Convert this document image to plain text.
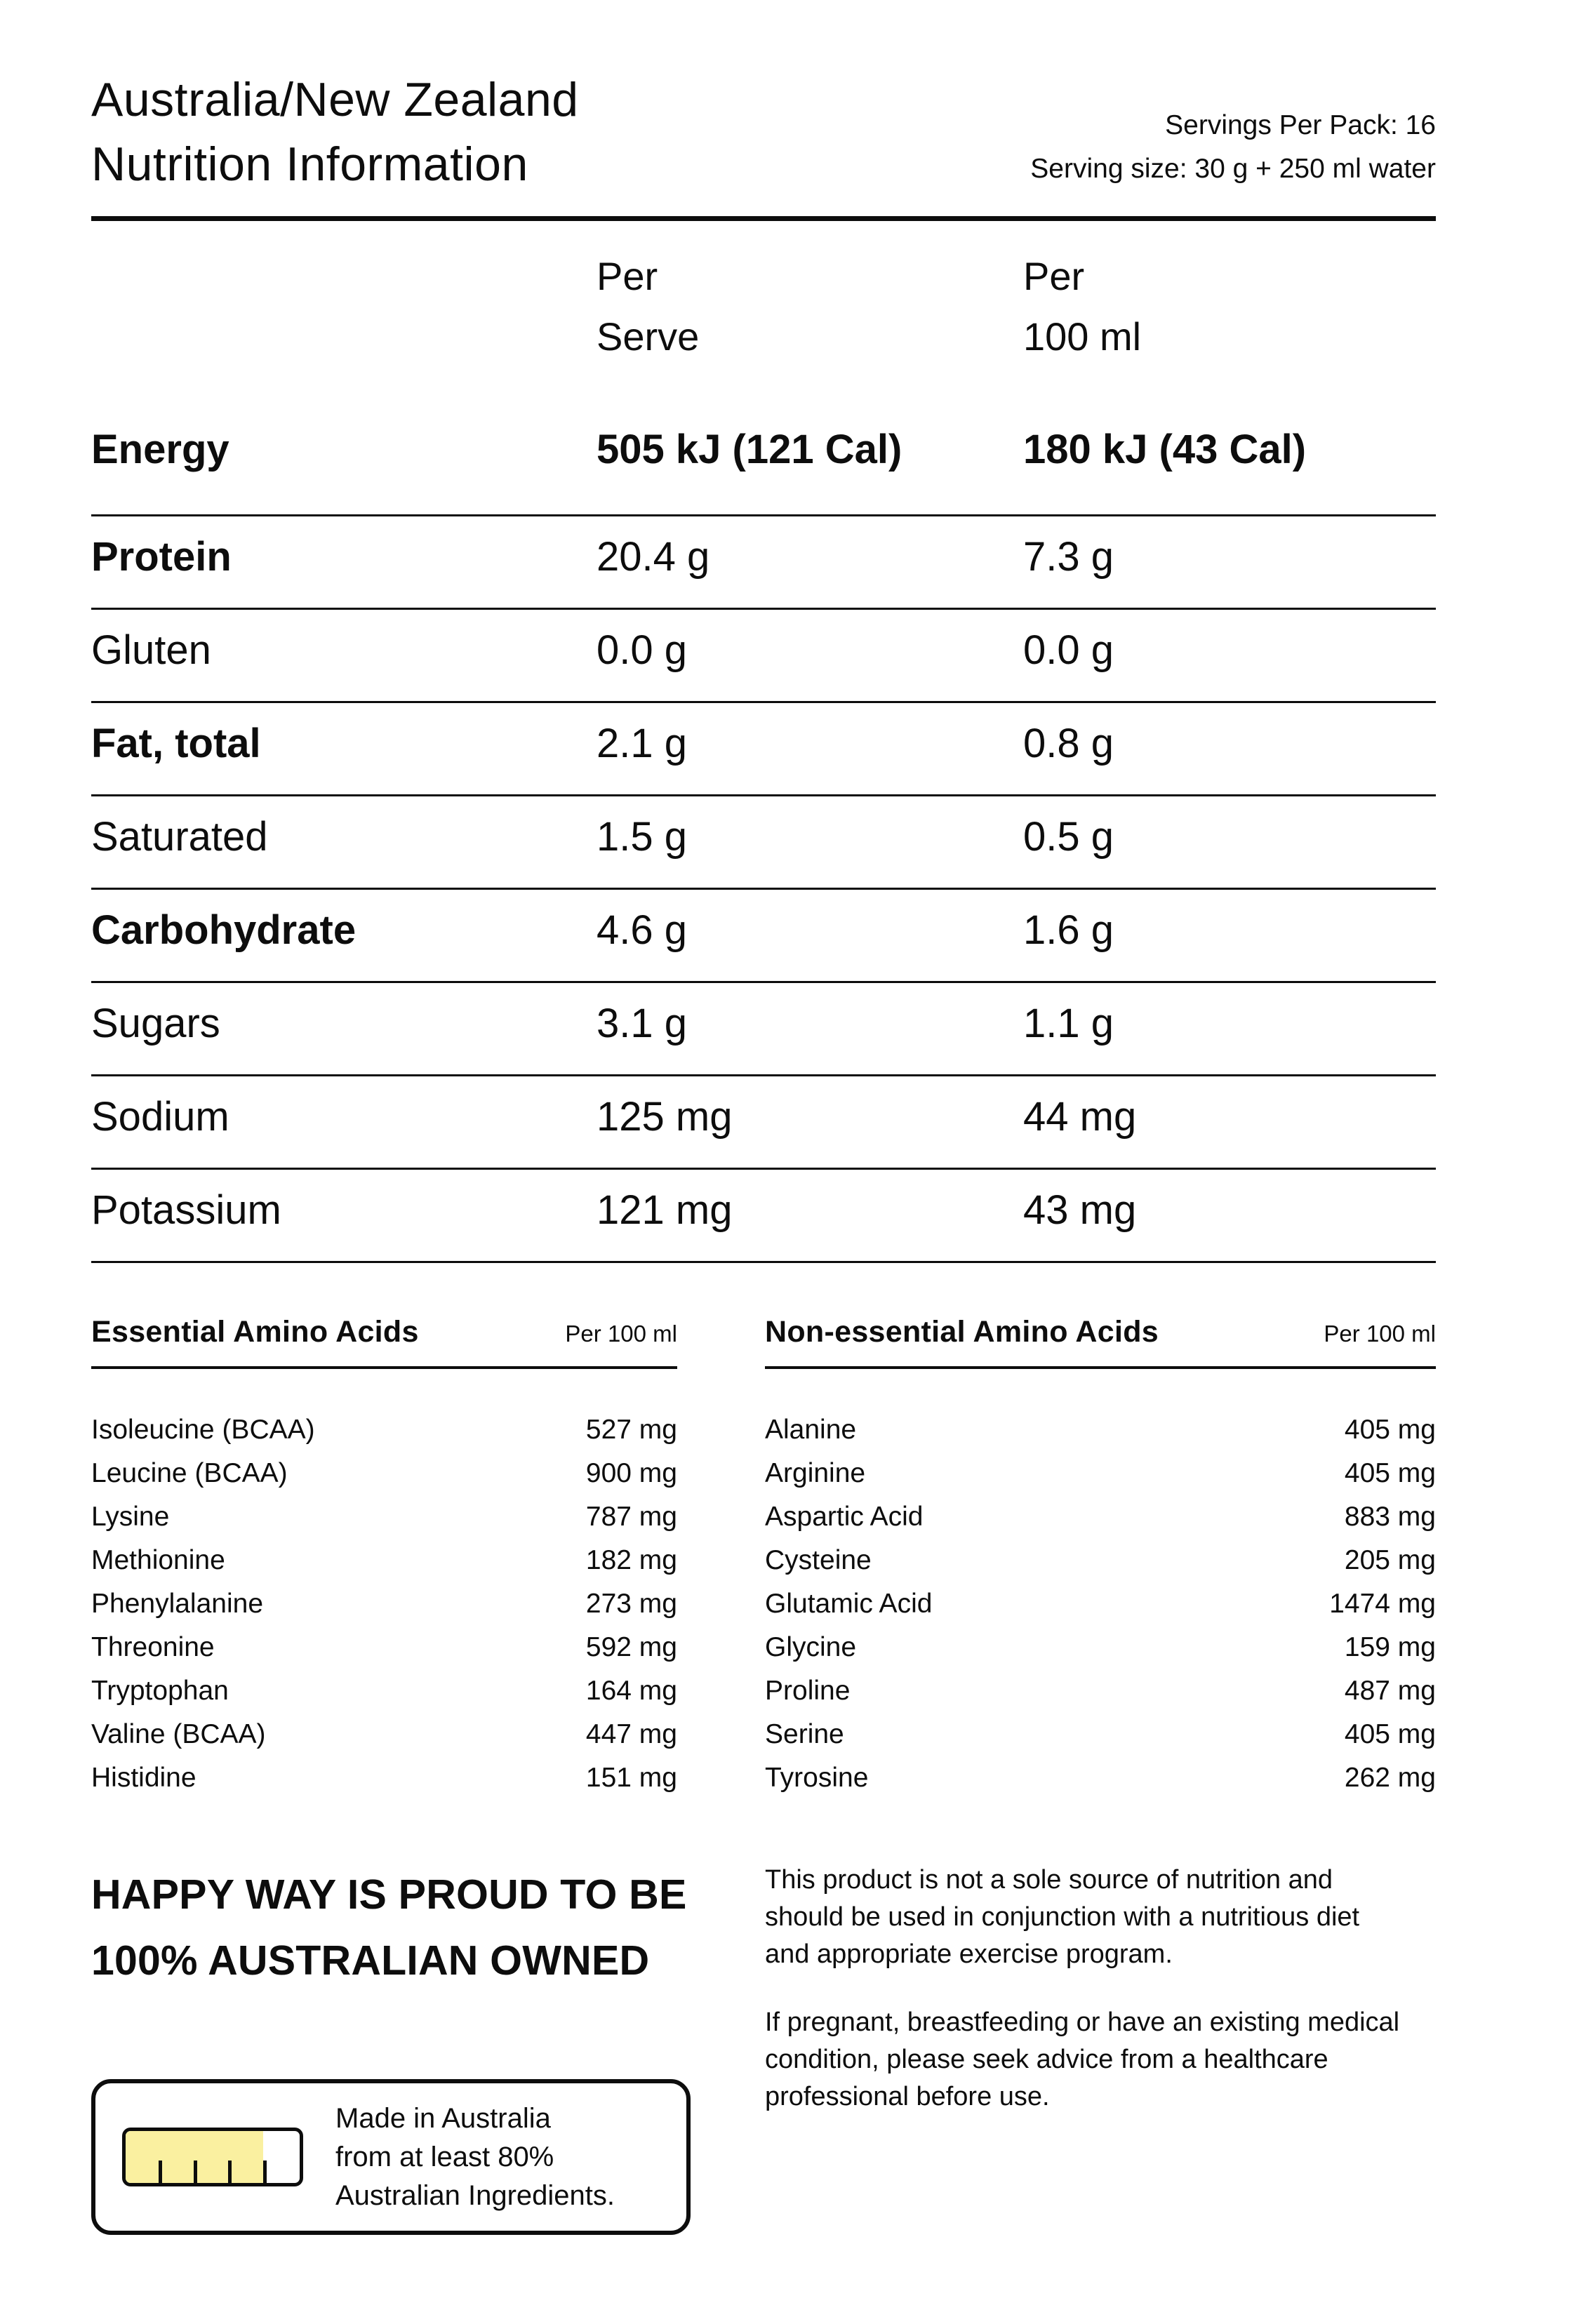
Australia/New Zealand
Nutrition Information
Servings Per Pack: 16
Serving size: 30 g + 250 ml water
Per
Serve
Per
100 ml
Energy	505 kJ (121 Cal)	180 kJ (43 Cal)
Protein	20.4 g	7.3 g
Gluten	0.0 g	0.0 g
Fat, total	2.1 g	0.8 g
Saturated	1.5 g	0.5 g
Carbohydrate	4.6 g	1.6 g
Sugars	3.1 g	1.1 g
Sodium	125 mg	44 mg
Potassium	121 mg	43 mg
Essential Amino Acids	Per 100 ml
Isoleucine (BCAA)	527 mg
Leucine (BCAA)	900 mg
Lysine	787 mg
Methionine	182 mg
Phenylalanine	273 mg
Threonine	592 mg
Tryptophan	164 mg
Valine (BCAA)	447 mg
Histidine	151 mg
Non-essential Amino Acids	Per 100 ml
Alanine	405 mg
Arginine	405 mg
Aspartic Acid	883 mg
Cysteine	205 mg
Glutamic Acid	1474 mg
Glycine	159 mg
Proline	487 mg
Serine	405 mg
Tyrosine	262 mg
HAPPY WAY IS PROUD TO BE
100% AUSTRALIAN OWNED
Made in Australia
from at least 80%
Australian Ingredients.

This product is not a sole source of nutrition and should be used in conjunction with a nutritious diet and appropriate exercise program.

If pregnant, breastfeeding or have an existing medical condition, please seek advice from a healthcare professional before use.
